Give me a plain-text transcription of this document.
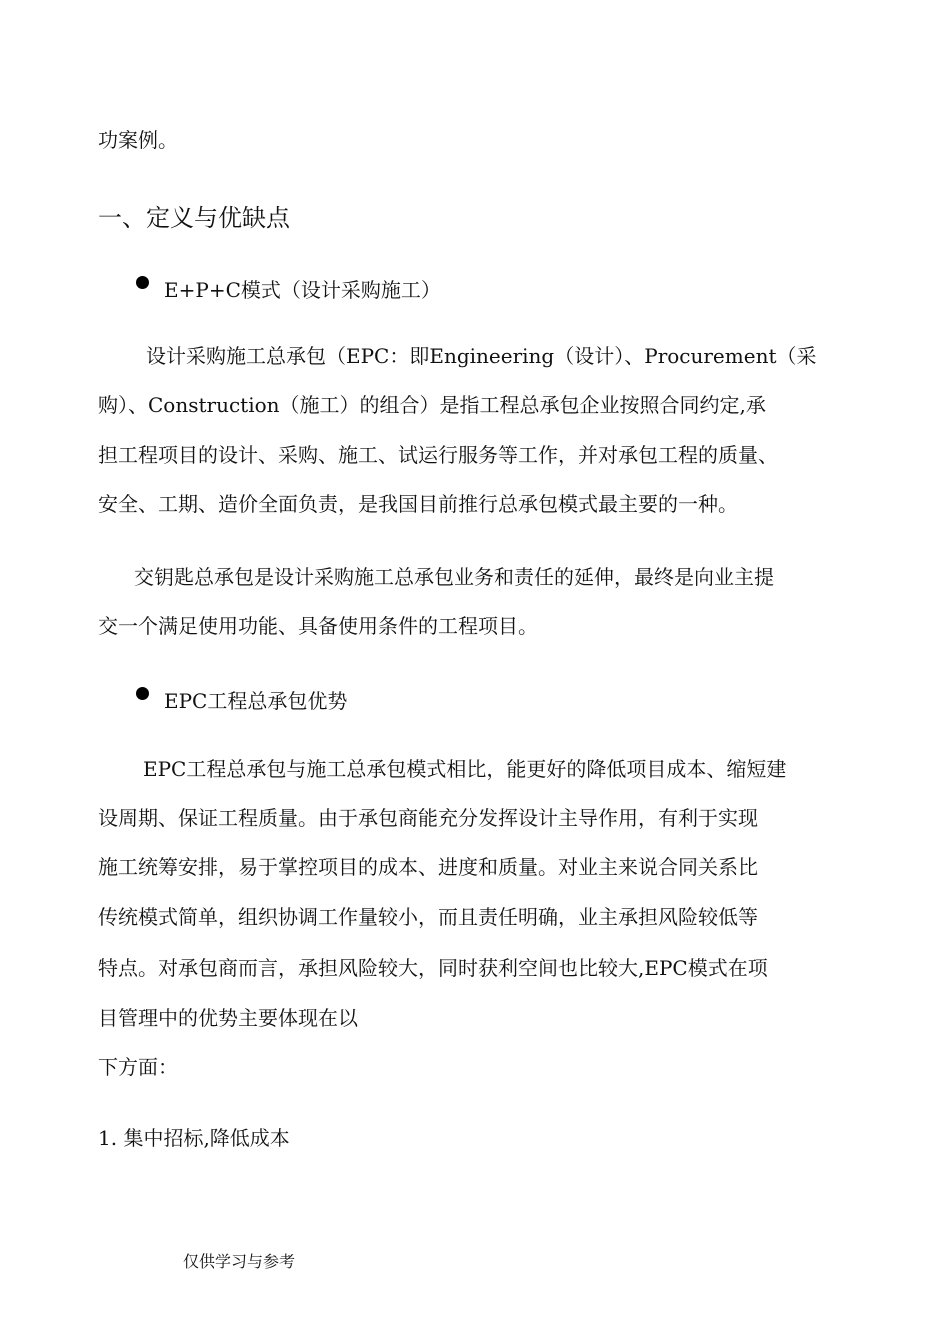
功案例。
一、定义与优缺点
E+P+C模式（设计采购施工）
设计采购施工总承包（EPC：即Engineering（设计）、Procurement（采
购）、Construction（施工）的组合）是指工程总承包企业按照合同约定,承
担工程项目的设计、采购、施工、试运行服务等工作，并对承包工程的质量、
安全、工期、造价全面负责，是我国目前推行总承包模式最主要的一种。
交钥匙总承包是设计采购施工总承包业务和责任的延伸，最终是向业主提
交一个满足使用功能、具备使用条件的工程项目。
EPC工程总承包优势
EPC工程总承包与施工总承包模式相比，能更好的降低项目成本、缩短建
设周期、保证工程质量。由于承包商能充分发挥设计主导作用，有利于实现
施工统筹安排，易于掌控项目的成本、进度和质量。对业主来说合同关系比
传统模式简单，组织协调工作量较小，而且责任明确，业主承担风险较低等
特点。对承包商而言，承担风险较大，同时获利空间也比较大,EPC模式在项
目管理中的优势主要体现在以
下方面：
1. 集中招标,降低成本
仅供学习与参考
